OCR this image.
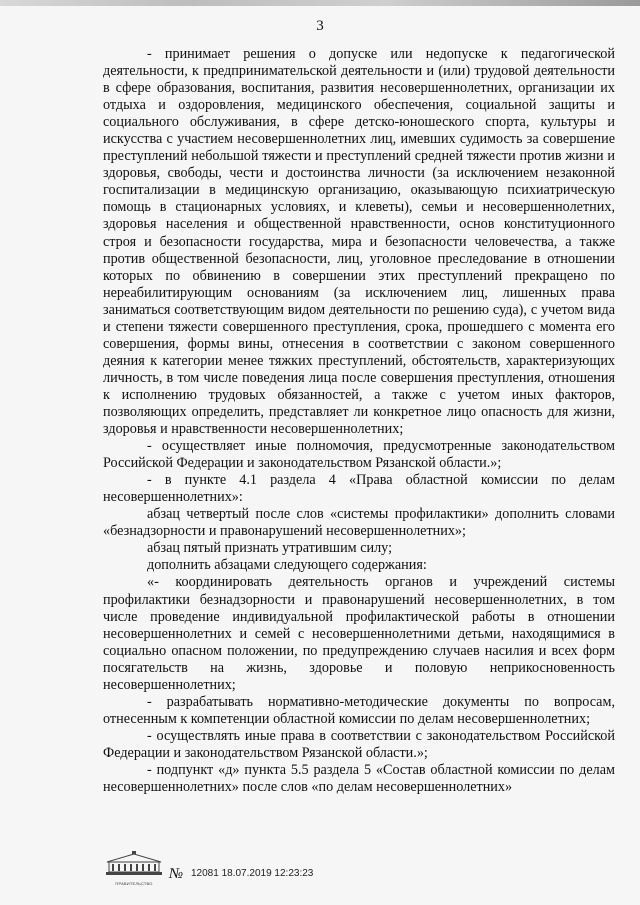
3

- принимает решения о допуске или недопуске к педагогической деятельности, к предпринимательской деятельности и (или) трудовой деятельности в сфере образования, воспитания, развития несовершеннолетних, организации их отдыха и оздоровления, медицинского обеспечения, социальной защиты и социального обслуживания, в сфере детско-юношеского спорта, культуры и искусства с участием несовершеннолетних лиц, имевших судимость за совершение преступлений небольшой тяжести и преступлений средней тяжести против жизни и здоровья, свободы, чести и достоинства личности (за исключением незаконной госпитализации в медицинскую организацию, оказывающую психиатрическую помощь в стационарных условиях, и клеветы), семьи и несовершеннолетних, здоровья населения и общественной нравственности, основ конституционного строя и безопасности государства, мира и безопасности человечества, а также против общественной безопасности, лиц, уголовное преследование в отношении которых по обвинению в совершении этих преступлений прекращено по нереабилитирующим основаниям (за исключением лиц, лишенных права заниматься соответствующим видом деятельности по решению суда), с учетом вида и степени тяжести совершенного преступления, срока, прошедшего с момента его совершения, формы вины, отнесения в соответствии с законом совершенного деяния к категории менее тяжких преступлений, обстоятельств, характеризующих личность, в том числе поведения лица после совершения преступления, отношения к исполнению трудовых обязанностей, а также с учетом иных факторов, позволяющих определить, представляет ли конкретное лицо опасность для жизни, здоровья и нравственности несовершеннолетних;

- осуществляет иные полномочия, предусмотренные законодательством Российской Федерации и законодательством Рязанской области.»;

- в пункте 4.1 раздела 4 «Права областной комиссии по делам несовершеннолетних»:

абзац четвертый после слов «системы профилактики» дополнить словами «безнадзорности и правонарушений несовершеннолетних»;

абзац пятый признать утратившим силу;

дополнить абзацами следующего содержания:

«- координировать деятельность органов и учреждений системы профилактики безнадзорности и правонарушений несовершеннолетних, в том числе проведение индивидуальной профилактической работы в отношении несовершеннолетних и семей с несовершеннолетними детьми, находящимися в социально опасном положении, по предупреждению случаев насилия и всех форм посягательств на жизнь, здоровье и половую неприкосновенность несовершеннолетних;

- разрабатывать нормативно-методические документы по вопросам, отнесенным к компетенции областной комиссии по делам несовершеннолетних;

- осуществлять иные права в соответствии с законодательством Российской Федерации и законодательством Рязанской области.»;

- подпункт «д» пункта 5.5 раздела 5 «Состав областной комиссии по делам несовершеннолетних» после слов «по делам несовершеннолетних»

ПРАВИТЕЛЬСТВО
№ 12081 18.07.2019 12:23:23
